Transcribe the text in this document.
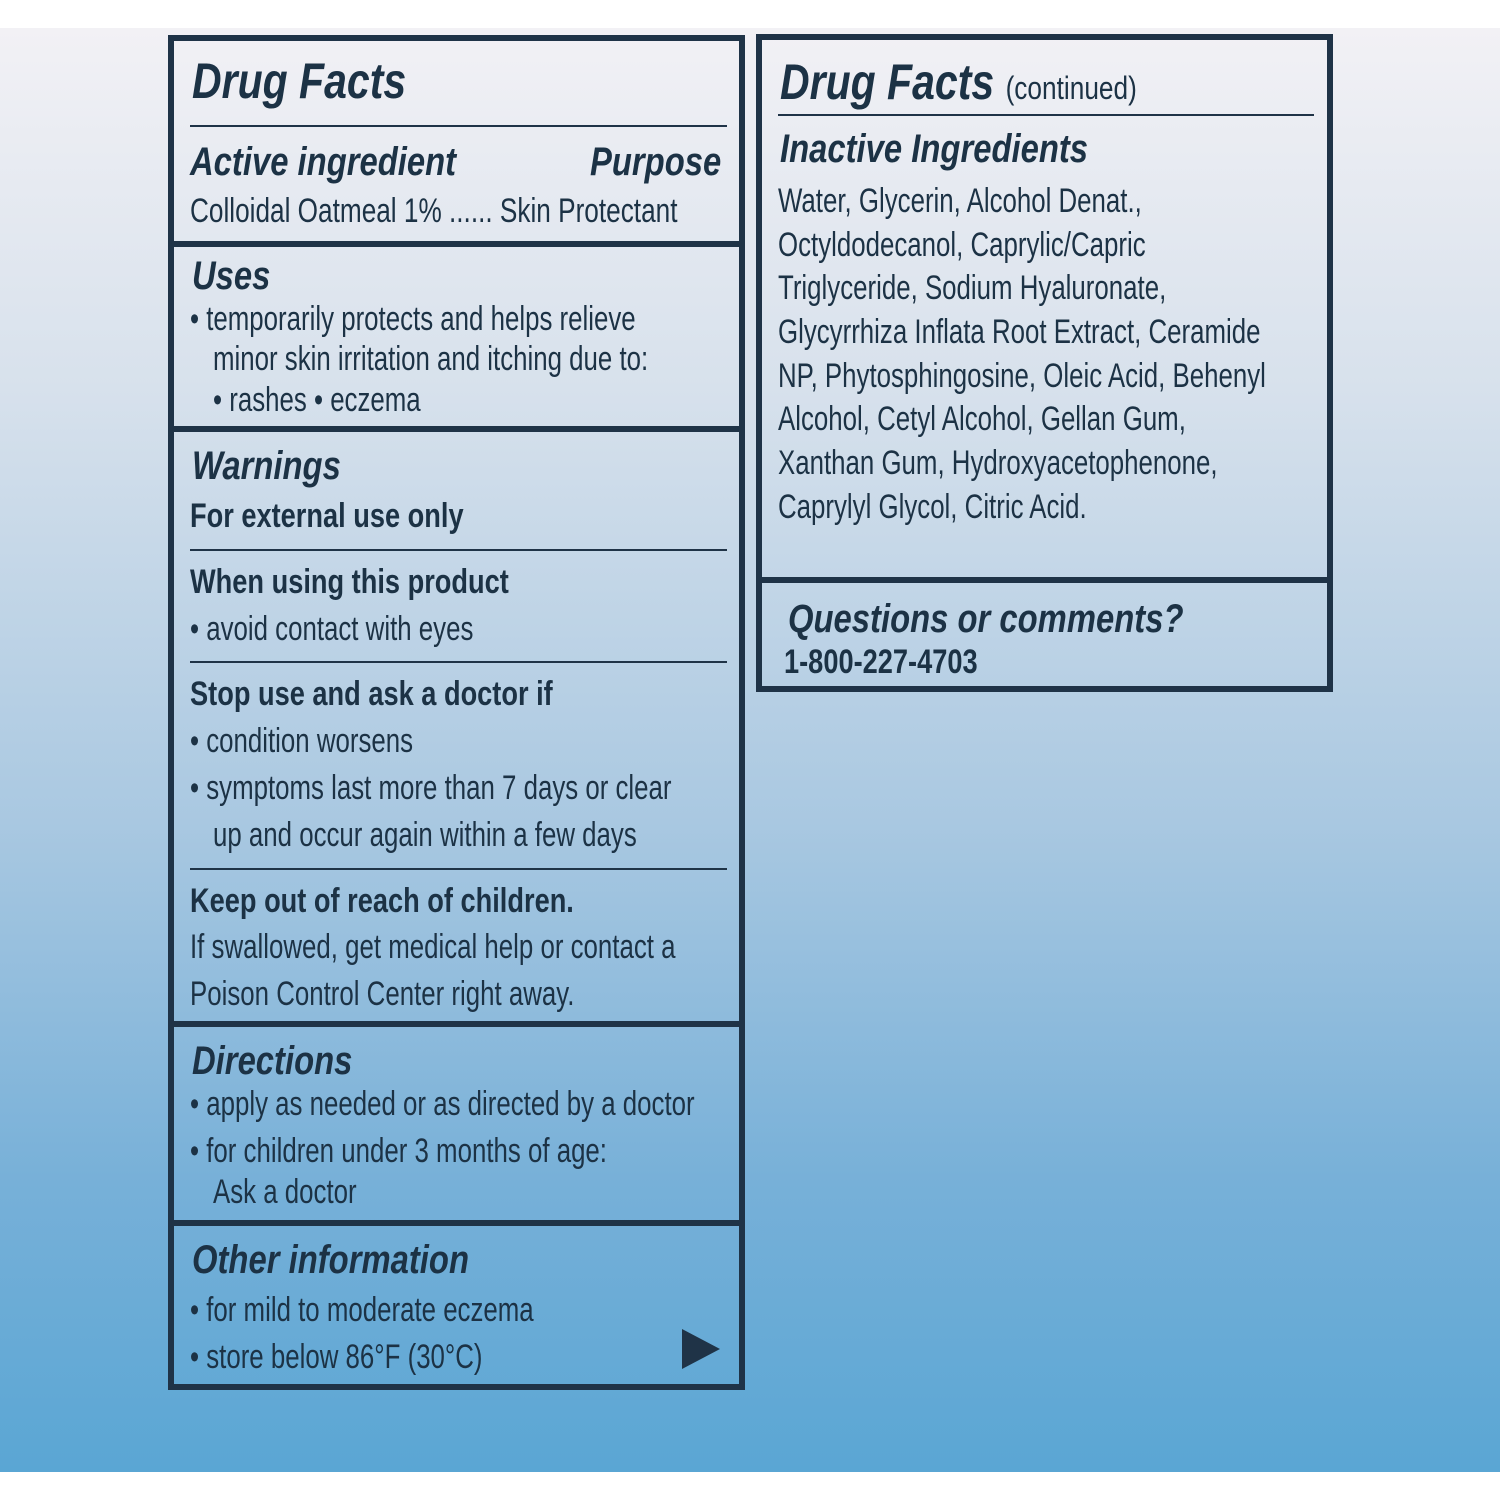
Drug Facts
Active ingredient	Purpose
Colloidal Oatmeal 1% ...... Skin Protectant
Uses
• temporarily protects and helps relieve
minor skin irritation and itching due to:
• rashes • eczema
Warnings
For external use only
When using this product
• avoid contact with eyes
Stop use and ask a doctor if
• condition worsens
• symptoms last more than 7 days or clear
up and occur again within a few days
Keep out of reach of children.
If swallowed, get medical help or contact a
Poison Control Center right away.
Directions
• apply as needed or as directed by a doctor
• for children under 3 months of age:
Ask a doctor
Other information
• for mild to moderate eczema
• store below 86°F (30°C)
Drug Facts (continued)
Inactive Ingredients
Water, Glycerin, Alcohol Denat.,
Octyldodecanol, Caprylic/Capric
Triglyceride, Sodium Hyaluronate,
Glycyrrhiza Inflata Root Extract, Ceramide
NP, Phytosphingosine, Oleic Acid, Behenyl
Alcohol, Cetyl Alcohol, Gellan Gum,
Xanthan Gum, Hydroxyacetophenone,
Caprylyl Glycol, Citric Acid.
Questions or comments?
1-800-227-4703
